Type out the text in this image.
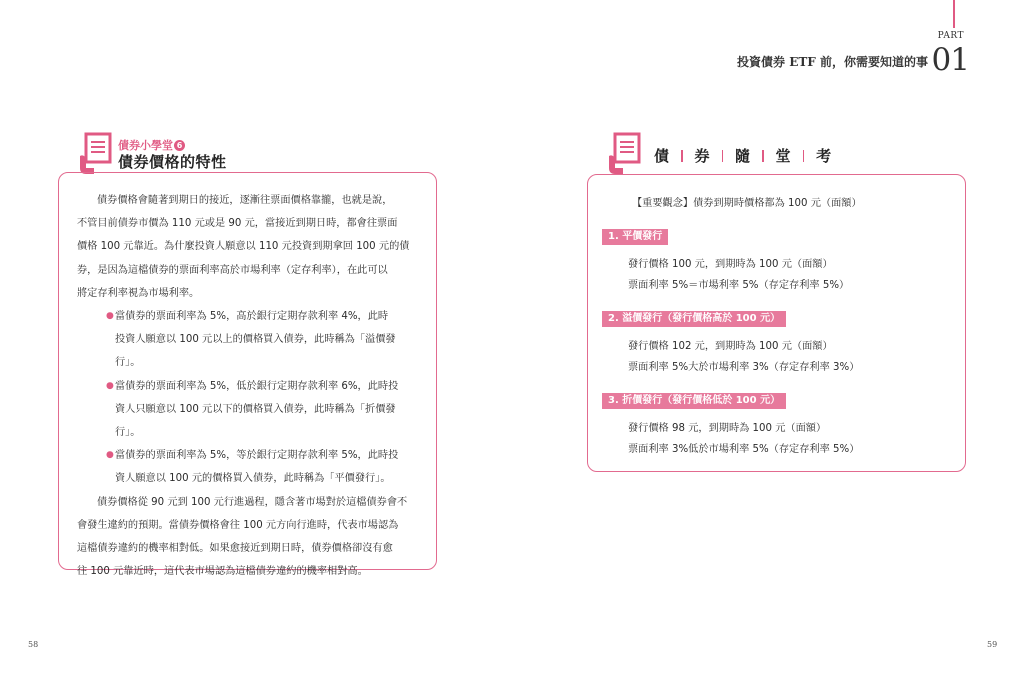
PART
投資債券 ETF 前，你需要知道的事 01
債券小學堂 6
債券價格的特性
債券價格會隨著到期日的接近，逐漸往票面價格靠攏，也就是說，
不管目前債券市價為 110 元或是 90 元，當接近到期日時，都會往票面
價格 100 元靠近。為什麼投資人願意以 110 元投資到期拿回 100 元的債
券，是因為這檔債券的票面利率高於市場利率（定存利率），在此可以
將定存利率視為市場利率。
● 當債券的票面利率為 5%，高於銀行定期存款利率 4%，此時
投資人願意以 100 元以上的價格買入債券，此時稱為「溢價發
行」。
● 當債券的票面利率為 5%，低於銀行定期存款利率 6%，此時投
資人只願意以 100 元以下的價格買入債券，此時稱為「折價發
行」。
● 當債券的票面利率為 5%，等於銀行定期存款利率 5%，此時投
資人願意以 100 元的價格買入債券，此時稱為「平價發行」。
債券價格從 90 元到 100 元行進過程，隱含著市場對於這檔債券會不
會發生違約的預期。當債券價格會往 100 元方向行進時，代表市場認為
這檔債券違約的機率相對低。如果愈接近到期日時，債券價格卻沒有愈
往 100 元靠近時，這代表市場認為這檔債券違約的機率相對高。
債 券 隨 堂 考
【重要觀念】債券到期時價格都為 100 元（面額）
1. 平價發行
發行價格 100 元，到期時為 100 元（面額）
票面利率 5%＝市場利率 5%（存定存利率 5%）
2. 溢價發行（發行價格高於 100 元）
發行價格 102 元，到期時為 100 元（面額）
票面利率 5%大於市場利率 3%（存定存利率 3%）
3. 折價發行（發行價格低於 100 元）
發行價格 98 元，到期時為 100 元（面額）
票面利率 3%低於市場利率 5%（存定存利率 5%）
58	59
